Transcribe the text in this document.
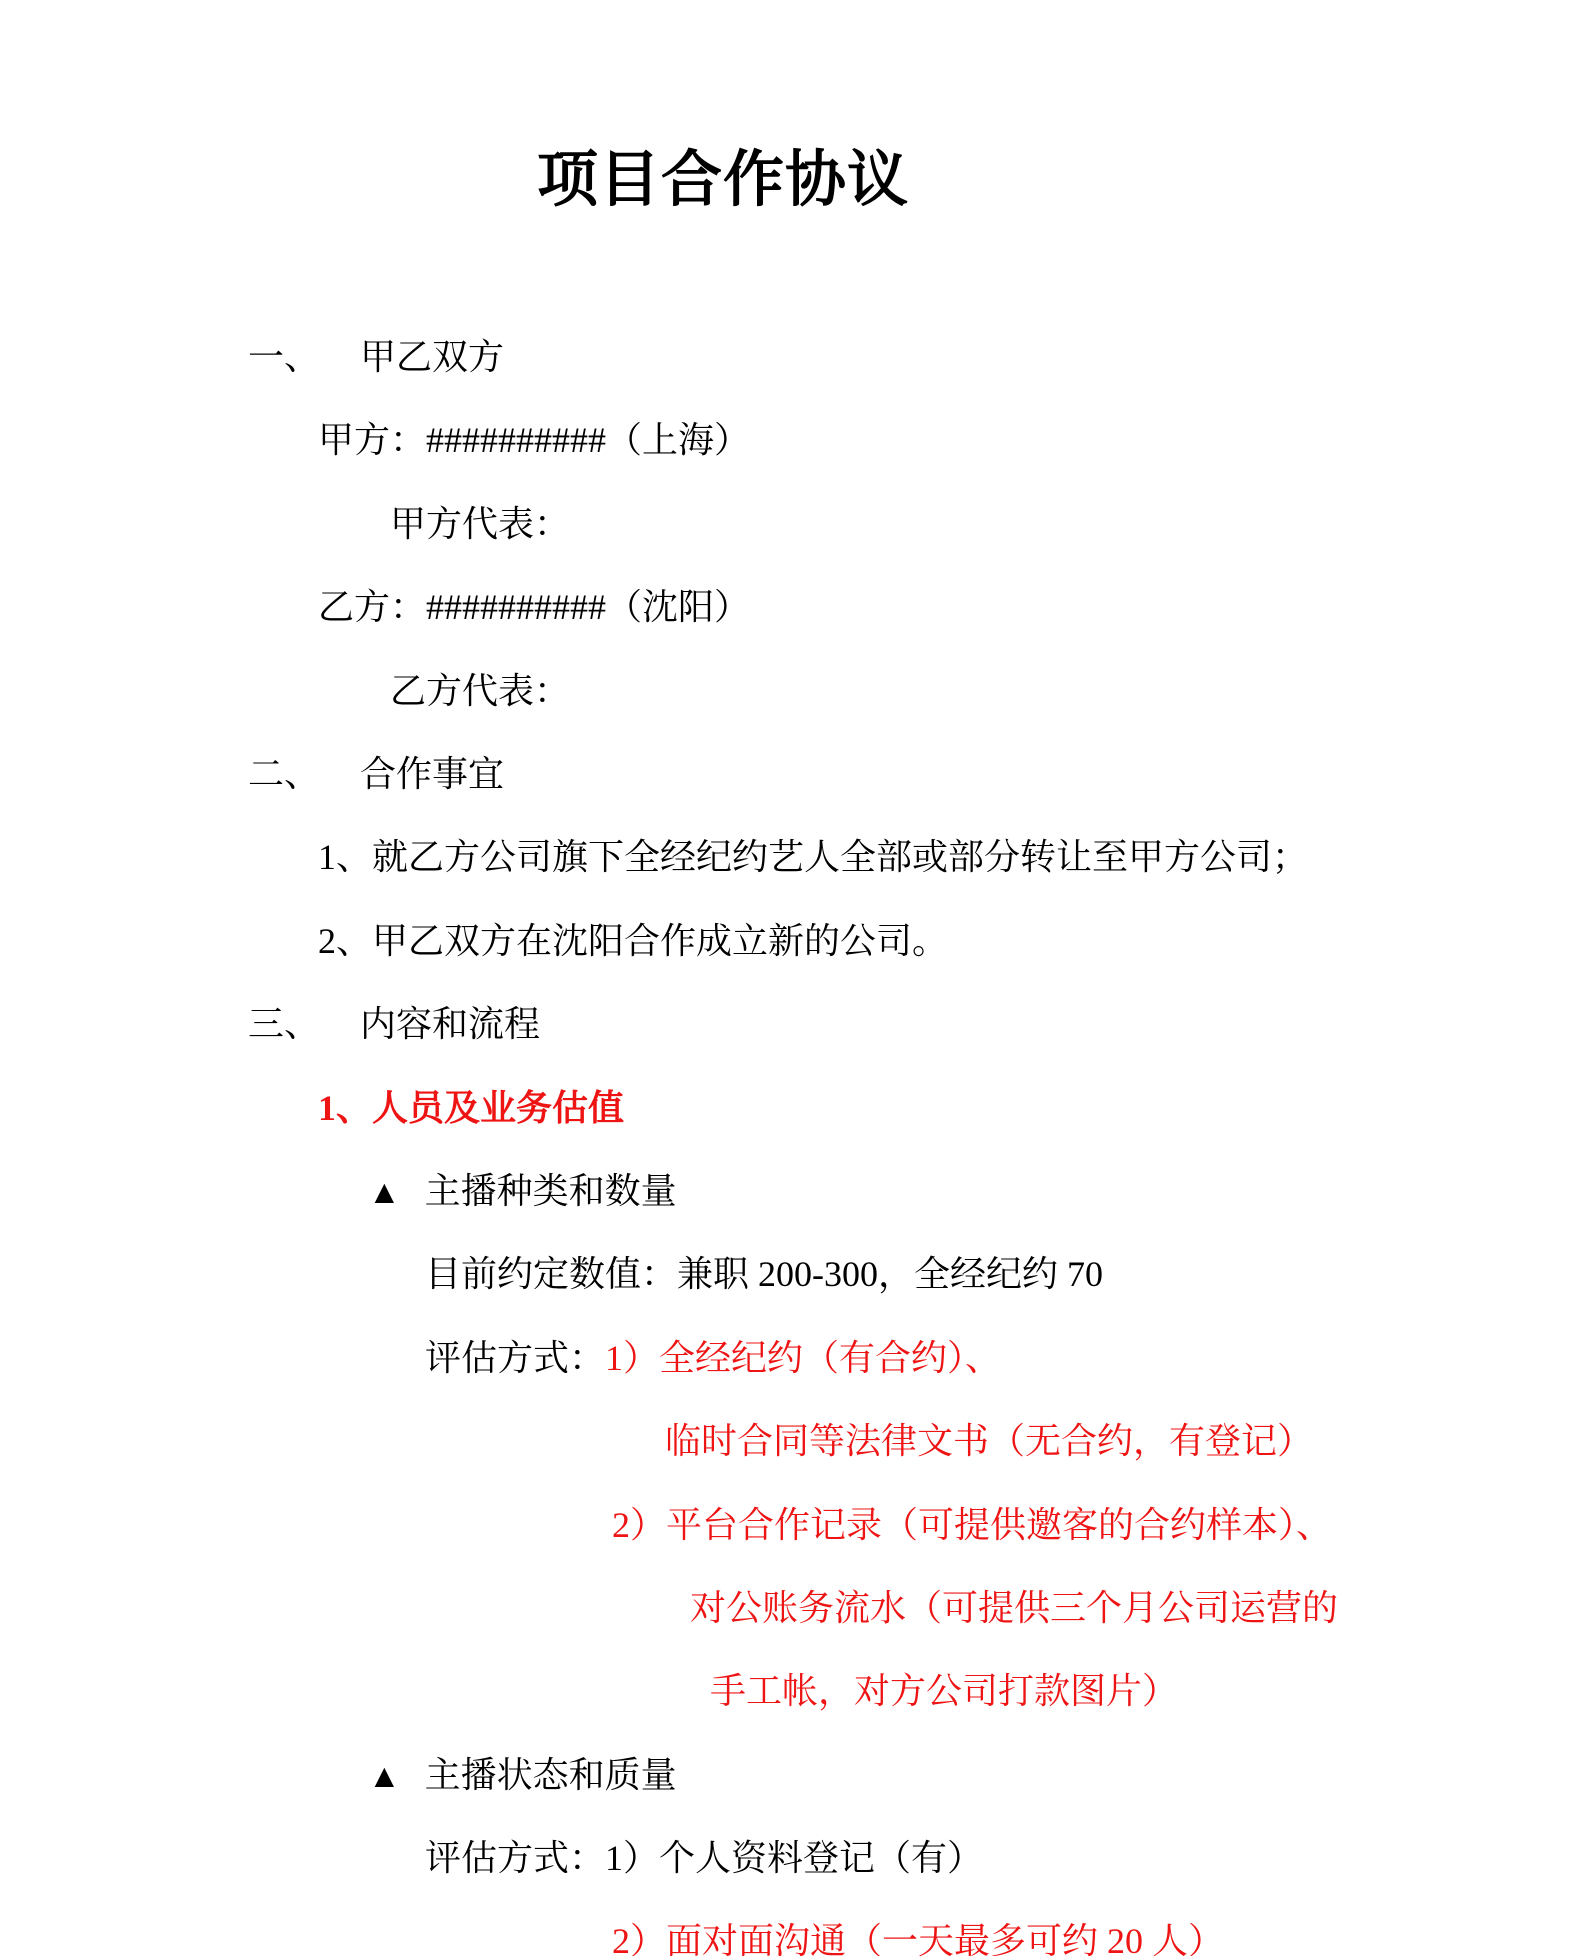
项目合作协议
一、 甲乙双方
甲方：##########（上海）
甲方代表：
乙方：##########（沈阳）
乙方代表：
二、 合作事宜
1、就乙方公司旗下全经纪约艺人全部或部分转让至甲方公司；
2、甲乙双方在沈阳合作成立新的公司。
三、 内容和流程
1、人员及业务估值
▲ 主播种类和数量
目前约定数值：兼职 200-300，全经纪约 70
评估方式：1）全经纪约（有合约）、
临时合同等法律文书（无合约，有登记）
2）平台合作记录（可提供邀客的合约样本）、
对公账务流水（可提供三个月公司运营的
手工帐，对方公司打款图片）
▲ 主播状态和质量
评估方式：1）个人资料登记（有）
2）面对面沟通（一天最多可约 20 人）
